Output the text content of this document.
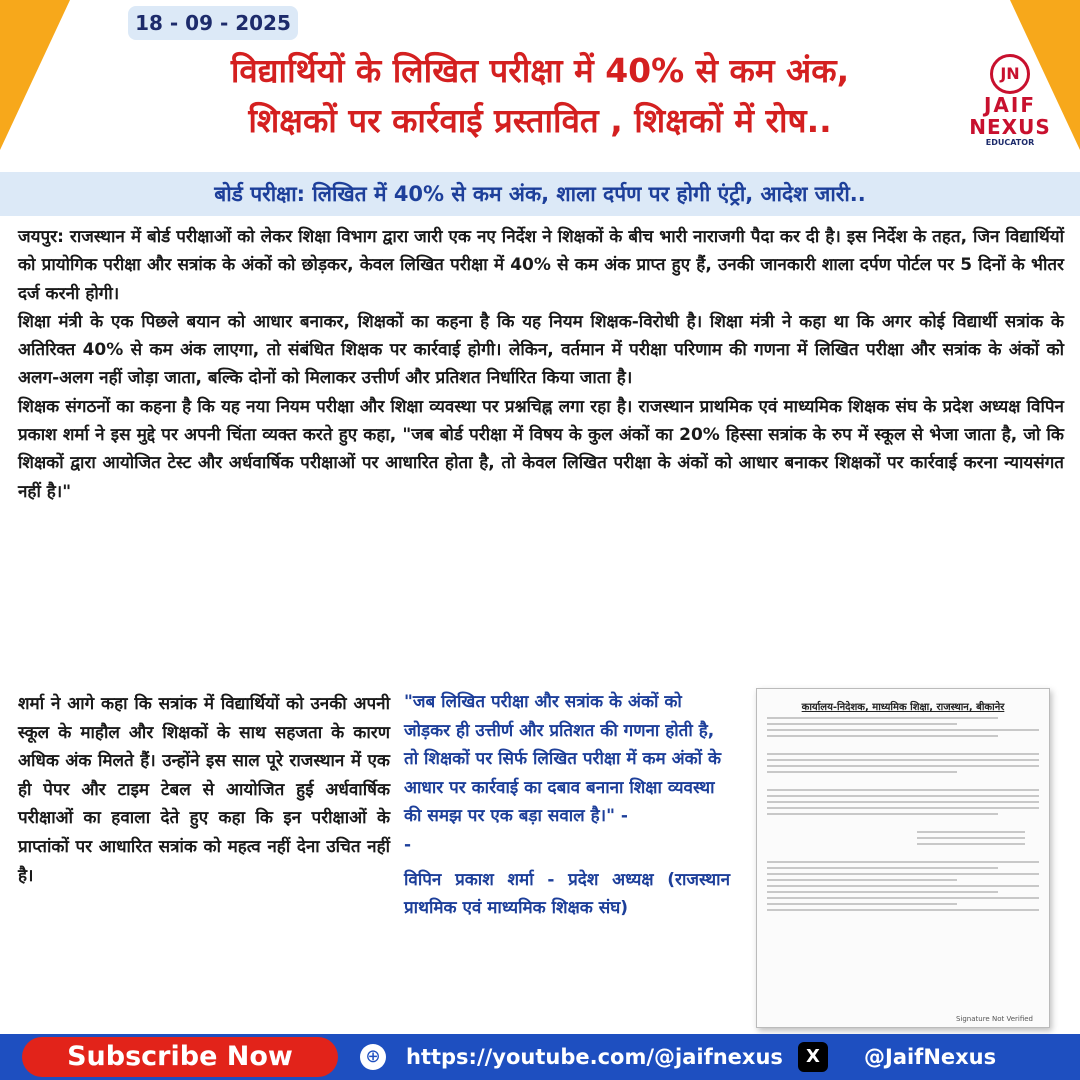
18 - 09 - 2025
विद्यार्थियों के लिखित परीक्षा में 40% से कम अंक,
शिक्षकों पर कार्रवाई प्रस्तावित , शिक्षकों में रोष..
JN
JAIF
NEXUS
EDUCATOR
बोर्ड परीक्षा: लिखित में 40% से कम अंक, शाला दर्पण पर होगी एंट्री, आदेश जारी..

जयपुर: राजस्थान में बोर्ड परीक्षाओं को लेकर शिक्षा विभाग द्वारा जारी एक नए निर्देश ने शिक्षकों के बीच भारी नाराजगी पैदा कर दी है। इस निर्देश के तहत, जिन विद्यार्थियों को प्रायोगिक परीक्षा और सत्रांक के अंकों को छोड़कर, केवल लिखित परीक्षा में 40% से कम अंक प्राप्त हुए हैं, उनकी जानकारी शाला दर्पण पोर्टल पर 5 दिनों के भीतर दर्ज करनी होगी।

शिक्षा मंत्री के एक पिछले बयान को आधार बनाकर, शिक्षकों का कहना है कि यह नियम शिक्षक-विरोधी है। शिक्षा मंत्री ने कहा था कि अगर कोई विद्यार्थी सत्रांक के अतिरिक्त 40% से कम अंक लाएगा, तो संबंधित शिक्षक पर कार्रवाई होगी। लेकिन, वर्तमान में परीक्षा परिणाम की गणना में लिखित परीक्षा और सत्रांक के अंकों को अलग-अलग नहीं जोड़ा जाता, बल्कि दोनों को मिलाकर उत्तीर्ण और प्रतिशत निर्धारित किया जाता है।

शिक्षक संगठनों का कहना है कि यह नया नियम परीक्षा और शिक्षा व्यवस्था पर प्रश्नचिह्न लगा रहा है। राजस्थान प्राथमिक एवं माध्यमिक शिक्षक संघ के प्रदेश अध्यक्ष विपिन प्रकाश शर्मा ने इस मुद्दे पर अपनी चिंता व्यक्त करते हुए कहा, "जब बोर्ड परीक्षा में विषय के कुल अंकों का 20% हिस्सा सत्रांक के रुप में स्कूल से भेजा जाता है, जो कि शिक्षकों द्वारा आयोजित टेस्ट और अर्धवार्षिक परीक्षाओं पर आधारित होता है, तो केवल लिखित परीक्षा के अंकों को आधार बनाकर शिक्षकों पर कार्रवाई करना न्यायसंगत नहीं है।"

शर्मा ने आगे कहा कि सत्रांक में विद्यार्थियों को उनकी अपनी स्कूल के माहौल और शिक्षकों के साथ सहजता के कारण अधिक अंक मिलते हैं। उन्होंने इस साल पूरे राजस्थान में एक ही पेपर और टाइम टेबल से आयोजित हुई अर्धवार्षिक परीक्षाओं का हवाला देते हुए कहा कि इन परीक्षाओं के प्राप्तांकों पर आधारित सत्रांक को महत्व नहीं देना उचित नहीं है।
"जब लिखित परीक्षा और सत्रांक के अंकों को जोड़कर ही उत्तीर्ण और प्रतिशत की गणना होती है, तो शिक्षकों पर सिर्फ लिखित परीक्षा में कम अंकों के आधार पर कार्रवाई का दबाव बनाना शिक्षा व्यवस्था की समझ पर एक बड़ा सवाल है।" -
-
विपिन प्रकाश शर्मा - प्रदेश अध्यक्ष (राजस्थान प्राथमिक एवं माध्यमिक शिक्षक संघ)
कार्यालय-निदेशक, माध्यमिक शिक्षा, राजस्थान, बीकानेर
Signature Not Verified
Subscribe Now	⊕ https://youtube.com/@jaifnexus	X	@JaifNexus
